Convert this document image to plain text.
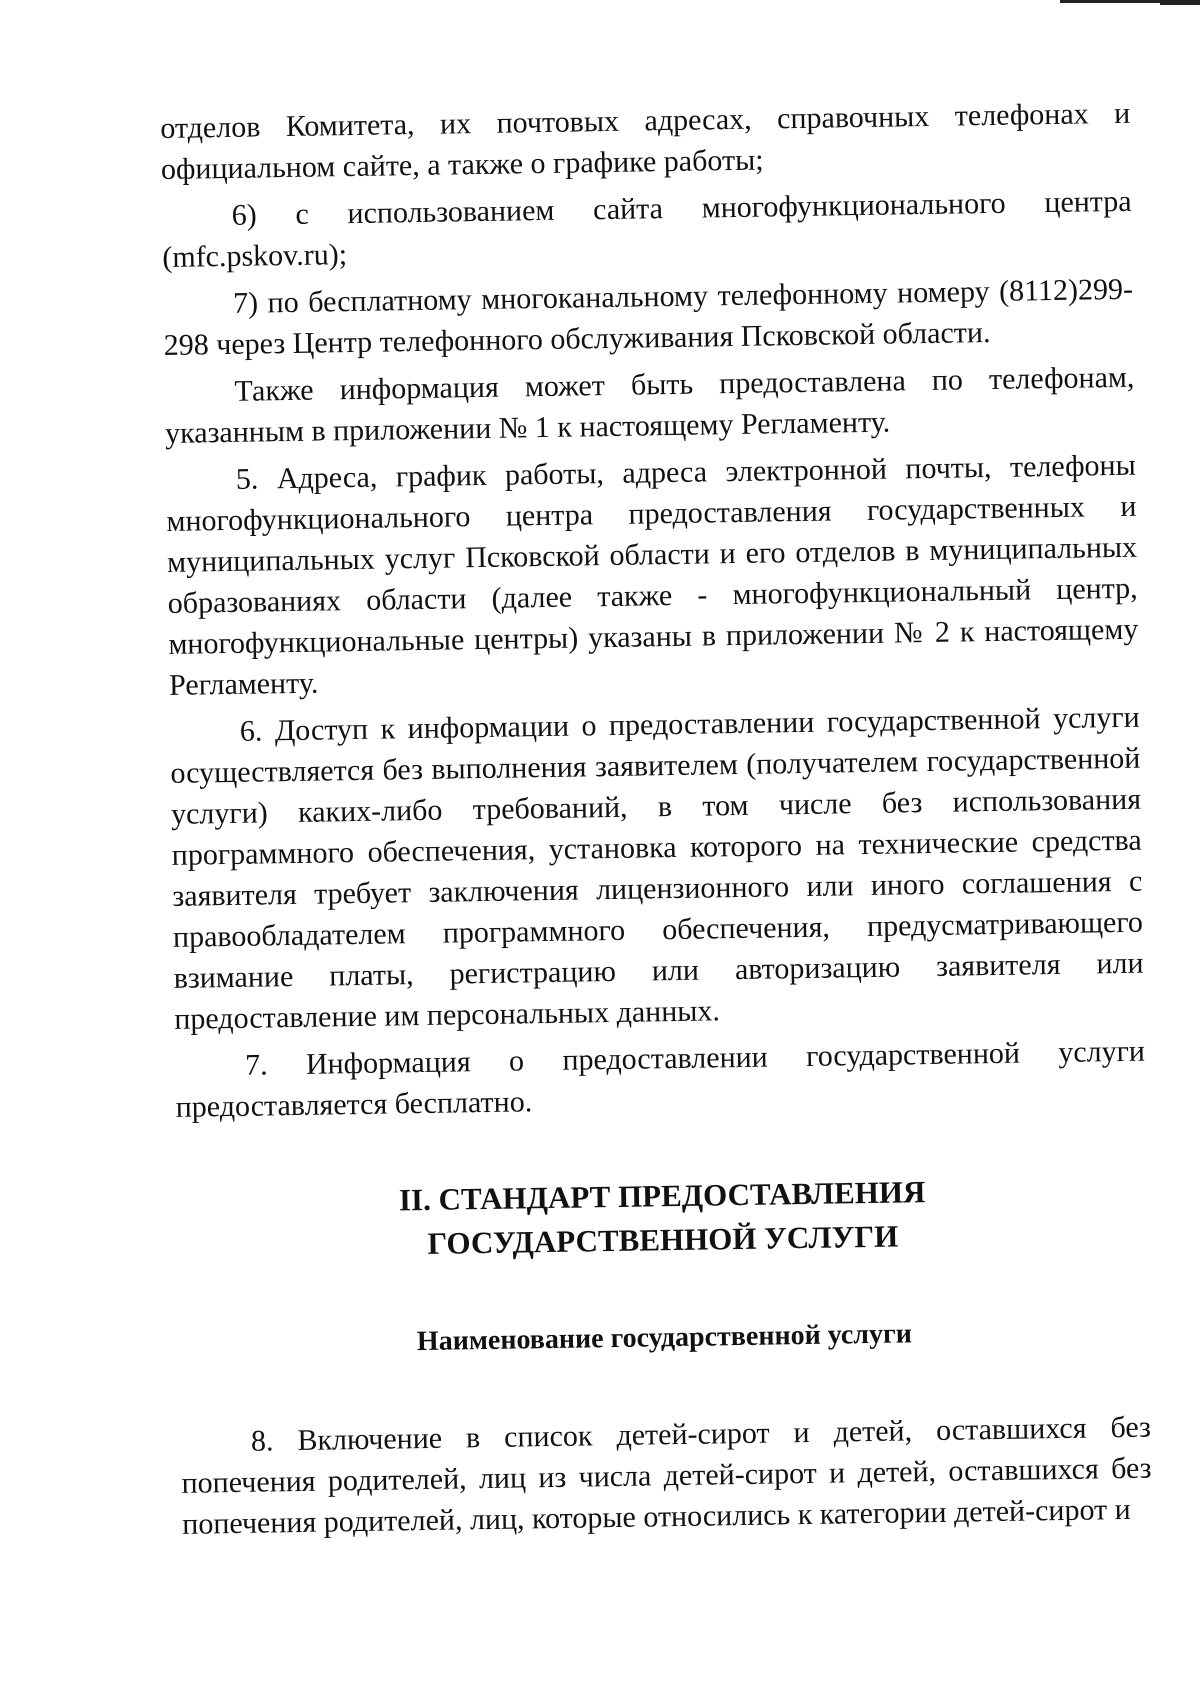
отделов Комитета, их почтовых адресах, справочных телефонах и официальном сайте, а также о графике работы;

6) с использованием сайта многофункционального центра (mfc.pskov.ru);

7) по бесплатному многоканальному телефонному номеру (8112)299-298 через Центр телефонного обслуживания Псковской области.

Также информация может быть предоставлена по телефонам, указанным в приложении № 1 к настоящему Регламенту.

5. Адреса, график работы, адреса электронной почты, телефоны многофункционального центра предоставления государственных и муниципальных услуг Псковской области и его отделов в муниципальных образованиях области (далее также - многофункциональный центр, многофункциональные центры) указаны в приложении № 2 к настоящему Регламенту.

6. Доступ к информации о предоставлении государственной услуги осуществляется без выполнения заявителем (получателем государственной услуги) каких-либо требований, в том числе без использования программного обеспечения, установка которого на технические средства заявителя требует заключения лицензионного или иного соглашения с правообладателем программного обеспечения, предусматривающего взимание платы, регистрацию или авторизацию заявителя или предоставление им персональных данных.

7. Информация о предоставлении государственной услуги предоставляется бесплатно.

II. СТАНДАРТ ПРЕДОСТАВЛЕНИЯ
ГОСУДАРСТВЕННОЙ УСЛУГИ
Наименование государственной услуги

8. Включение в список детей-сирот и детей, оставшихся без попечения родителей, лиц из числа детей-сирот и детей, оставшихся без попечения родителей, лиц, которые относились к категории детей-сирот и
